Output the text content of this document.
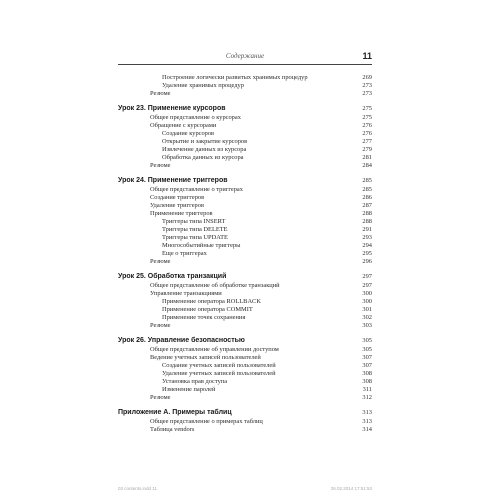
Содержание	11
Построение логически развитых хранимых процедур	269
Удаление хранимых процедур	273
Резюме	273
Урок 23. Применение курсоров	275
Общее представление о курсорах	275
Обращение с курсорами	276
Создание курсоров	276
Открытие и закрытие курсоров	277
Извлечение данных из курсора	279
Обработка данных из курсора	281
Резюме	284
Урок 24. Применение триггеров	285
Общее представление о триггерах	285
Создание триггеров	286
Удаление триггеров	287
Применение триггеров	288
Триггеры типа INSERT	288
Триггеры типа DELETE	291
Триггеры типа UPDATE	293
Многособытийные триггеры	294
Еще о триггерах	295
Резюме	296
Урок 25. Обработка транзакций	297
Общее представление об обработке транзакций	297
Управление транзакциями	300
Применение оператора ROLLBACK	300
Применение оператора COMMIT	301
Применение точек сохранения	302
Резюме	303
Урок 26. Управление безопасностью	305
Общее представление об управлении доступом	305
Ведение учетных записей пользователей	307
Создание учетных записей пользователей	307
Удаление учетных записей пользователей	308
Установка прав доступа	308
Изменение паролей	311
Резюме	312
Приложение А. Примеры таблиц	313
Общее представление о примерах таблиц	313
Таблица vendors	314
03 contents.indd 11	26.02.2014 17:51:53
